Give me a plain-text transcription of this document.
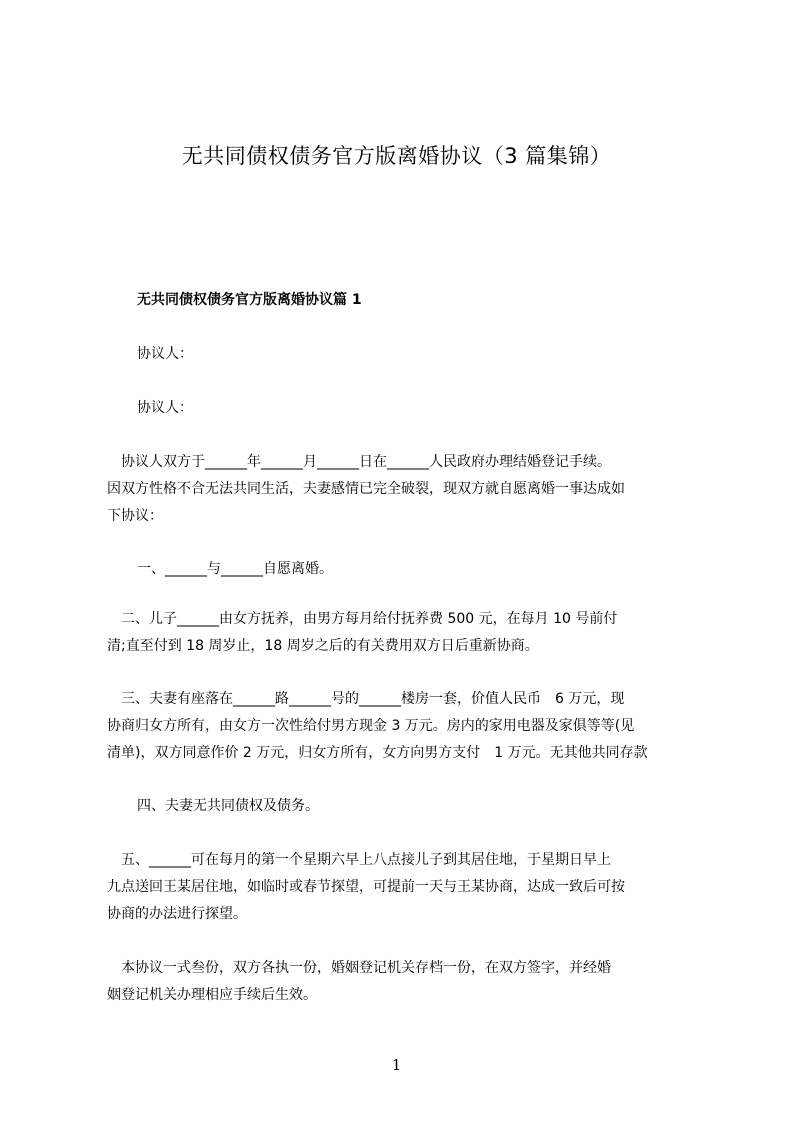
无共同债权债务官方版离婚协议（3 篇集锦）
无共同债权债务官方版离婚协议篇 1
协议人：
协议人：
　协议人双方于______年______月______日在______人民政府办理结婚登记手续。
因双方性格不合无法共同生活，夫妻感情已完全破裂，现双方就自愿离婚一事达成如
下协议：
一、______与______自愿离婚。
　二、儿子______由女方抚养，由男方每月给付抚养费 500 元，在每月 10 号前付
清;直至付到 18 周岁止，18 周岁之后的有关费用双方日后重新协商。
　三、夫妻有座落在______路______号的______楼房一套，价值人民币　6 万元，现
协商归女方所有，由女方一次性给付男方现金 3 万元。房内的家用电器及家俱等等(见
清单)，双方同意作价 2 万元，归女方所有，女方向男方支付　1 万元。无其他共同存款
四、夫妻无共同债权及债务。
　五、______可在每月的第一个星期六早上八点接儿子到其居住地，于星期日早上
九点送回王某居住地，如临时或春节探望，可提前一天与王某协商，达成一致后可按
协商的办法进行探望。
　本协议一式叁份，双方各执一份，婚姻登记机关存档一份，在双方签字，并经婚
姻登记机关办理相应手续后生效。
1
